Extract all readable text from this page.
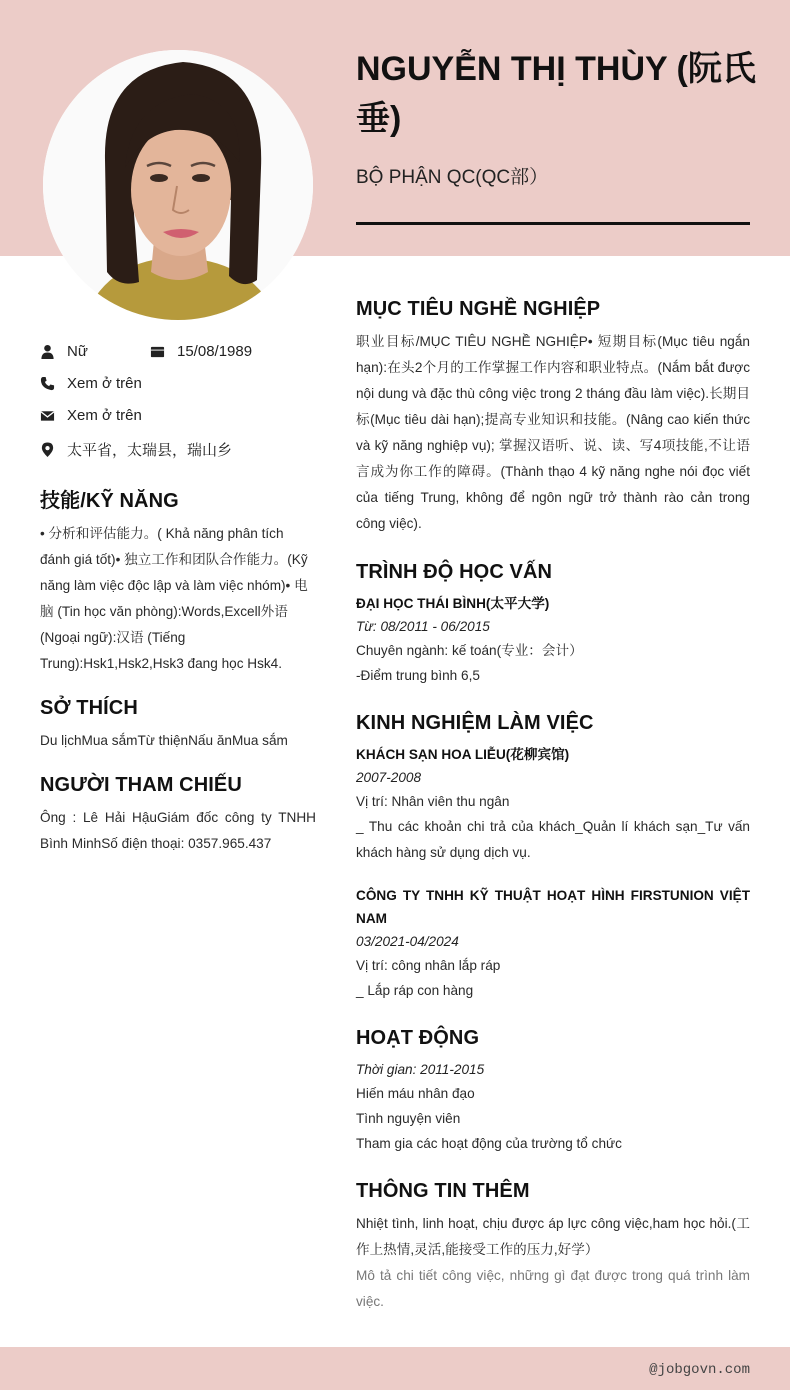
NGUYỄN THỊ THÙY (阮氏垂)
BỘ PHẬN QC(QC部）
Nữ	15/08/1989
Xem ở trên
Xem ở trên
太平省，太瑞县，瑞山乡
技能/KỸ NĂNG

• 分析和评估能力。( Khả năng phân tích đánh giá tốt)• 独立工作和团队合作能力。(Kỹ năng làm việc độc lập và làm việc nhóm)• 电脑 (Tin học văn phòng):Words,Excell外语 (Ngoại ngữ):汉语 (Tiếng Trung):Hsk1,Hsk2,Hsk3 đang học Hsk4.

SỞ THÍCH

Du lịchMua sắmTừ thiệnNấu ănMua sắm

NGƯỜI THAM CHIẾU

Ông : Lê Hải HậuGiám đốc công ty TNHH Bình MinhSố điện thoại: 0357.965.437

MỤC TIÊU NGHỀ NGHIỆP

职业目标/MỤC TIÊU NGHỀ NGHIỆP• 短期目标(Mục tiêu ngắn hạn):在头2个月的工作掌握工作内容和职业特点。(Nắm bắt được nội dung và đặc thù công việc trong 2 tháng đầu làm việc).长期目标(Mục tiêu dài hạn);提高专业知识和技能。(Nâng cao kiến thức và kỹ năng nghiệp vụ); 掌握汉语听、说、读、写4项技能,不让语言成为你工作的障碍。(Thành thạo 4 kỹ năng nghe nói đọc viết của tiếng Trung, không để ngôn ngữ trở thành rào cản trong công việc).

TRÌNH ĐỘ HỌC VẤN
ĐẠI HỌC THÁI BÌNH(太平大学)
Từ: 08/2011 - 06/2015
Chuyên ngành: kế toán(专业：会计）
-Điểm trung bình 6,5
KINH NGHIỆM LÀM VIỆC
KHÁCH SẠN HOA LIỄU(花柳宾馆)
2007-2008
Vị trí: Nhân viên thu ngân
_ Thu các khoản chi trả của khách_Quản lí khách sạn_Tư vấn khách hàng sử dụng dịch vụ.
CÔNG TY TNHH KỸ THUẬT HOẠT HÌNH FIRSTUNION VIỆT NAM
03/2021-04/2024
Vị trí: công nhân lắp ráp
_ Lắp ráp con hàng
HOẠT ĐỘNG
Thời gian: 2011-2015
Hiến máu nhân đạo
Tình nguyện viên
Tham gia các hoạt động của trường tổ chức
THÔNG TIN THÊM

Nhiệt tình, linh hoạt, chịu được áp lực công việc,ham học hỏi.(工作上热情,灵活,能接受工作的压力,好学）

Mô tả chi tiết công việc, những gì đạt được trong quá trình làm việc.

@jobgovn.com
